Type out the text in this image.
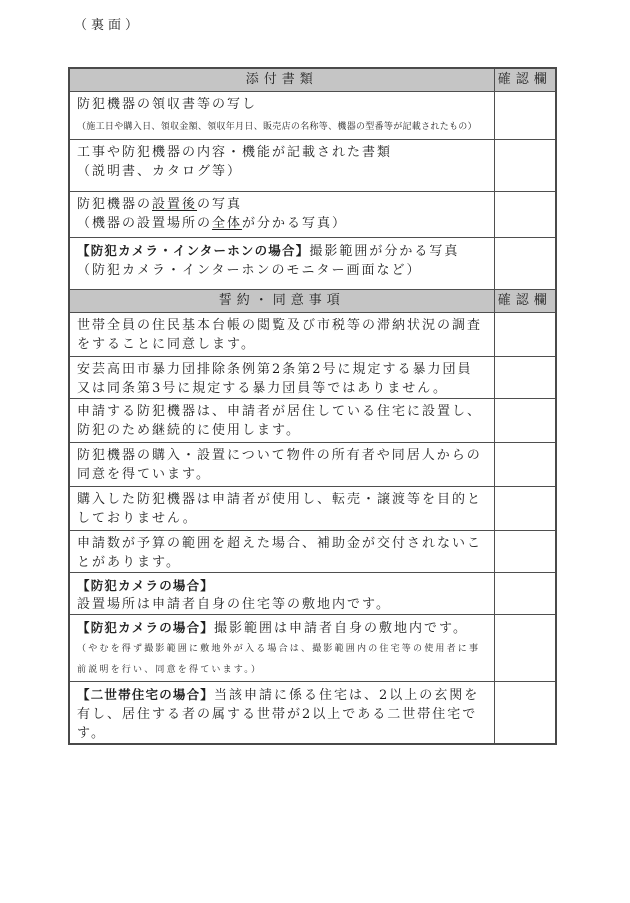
（裏面）
添付書類	確認欄

防犯機器の領収書等の写し
（施工日や購入日、領収金額、領収年月日、販売店の名称等、機器の型番等が記載されたもの）	

工事や防犯機器の内容・機能が記載された書類
（説明書、カタログ等）	

防犯機器の設置後の写真
（機器の設置場所の全体が分かる写真）	

【防犯カメラ・インターホンの場合】撮影範囲が分かる写真
（防犯カメラ・インターホンのモニター画面など）	

誓約・同意事項	確認欄
世帯全員の住民基本台帳の閲覧及び市税等の滞納状況の調査をすることに同意します。	
安芸高田市暴力団排除条例第2条第2号に規定する暴力団員又は同条第3号に規定する暴力団員等ではありません。	
申請する防犯機器は、申請者が居住している住宅に設置し、防犯のため継続的に使用します。	
防犯機器の購入・設置について物件の所有者や同居人からの同意を得ています。	
購入した防犯機器は申請者が使用し、転売・譲渡等を目的としておりません。	
申請数が予算の範囲を超えた場合、補助金が交付されないことがあります。	

【防犯カメラの場合】
設置場所は申請者自身の住宅等の敷地内です。	

【防犯カメラの場合】撮影範囲は申請者自身の敷地内です。
（やむを得ず撮影範囲に敷地外が入る場合は、撮影範囲内の住宅等の使用者に事前説明を行い、同意を得ています。）	

【二世帯住宅の場合】当該申請に係る住宅は、2以上の玄関を有し、居住する者の属する世帯が2以上である二世帯住宅です。	
